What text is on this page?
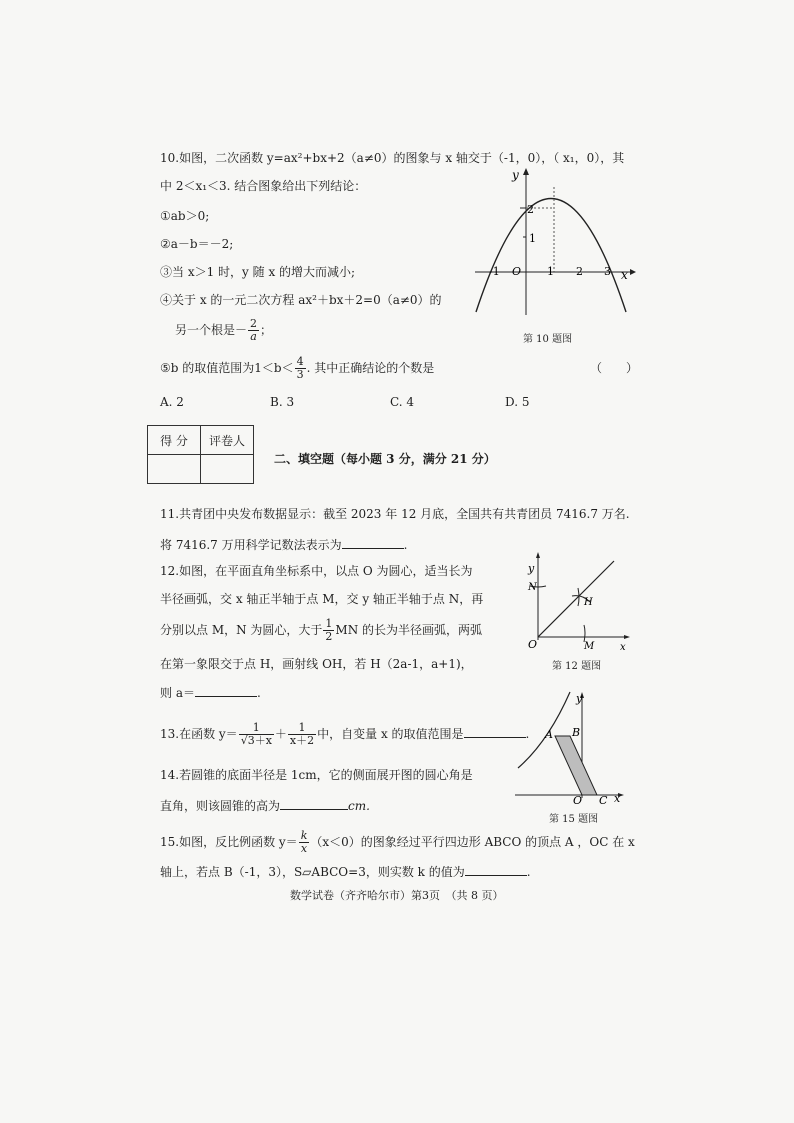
10.如图，二次函数 y=ax²+bx+2（a≠0）的图象与 x 轴交于（-1，0），（ x₁，0），其
中 2＜x₁＜3. 结合图象给出下列结论：
①ab＞0;
②a－b＝－2;
③当 x＞1 时，y 随 x 的增大而减小;
④关于 x 的一元二次方程 ax²＋bx＋2=0（a≠0）的
另一个根是－ $\frac{2}{a}$ ；
⑤b 的取值范围为$1<b< \frac{4}{3}$ . 其中正确结论的个数是	（　　）
A. 2	B. 3	C. 4	D. 5
y
x
O
2
1
-1	1 2 3
第 10 题图
得 分	评卷人

二、填空题（每小题 3 分，满分 21 分）
11.共青团中央发布数据显示：截至 2023 年 12 月底，全国共有共青团员 7416.7 万名.
将 7416.7 万用科学记数法表示为	.
12.如图，在平面直角坐标系中，以点 O 为圆心，适当长为
半径画弧，交 x 轴正半轴于点 M，交 y 轴正半轴于点 N，再
分别以点 M，N 为圆心，大于 $\frac{1}{2}$ MN 的长为半径画弧，两弧
在第一象限交于点 H，画射线 OH，若 H（2a-1，a+1)，
则 a＝	.
y
x
O
N
M
H
第 12 题图
13.在函数 $y= \frac{1}{√3+x} + \frac{1}{x+2}$ 中，自变量 x 的取值范围是	.
14.若圆锥的底面半径是 1cm，它的侧面展开图的圆心角是
直角，则该圆锥的高为	cm.
y
x
A B
O C
第 15 题图
15.如图，反比例函数 $y= \frac{k}{x} (x<0)$的图象经过平行四边形 ABCO 的顶点 A ，OC 在 x
轴上，若点 B（-1，3），S▱ABCO=3，则实数 k 的值为	.
数学试卷（齐齐哈尔市）第3页　（共 8 页）
